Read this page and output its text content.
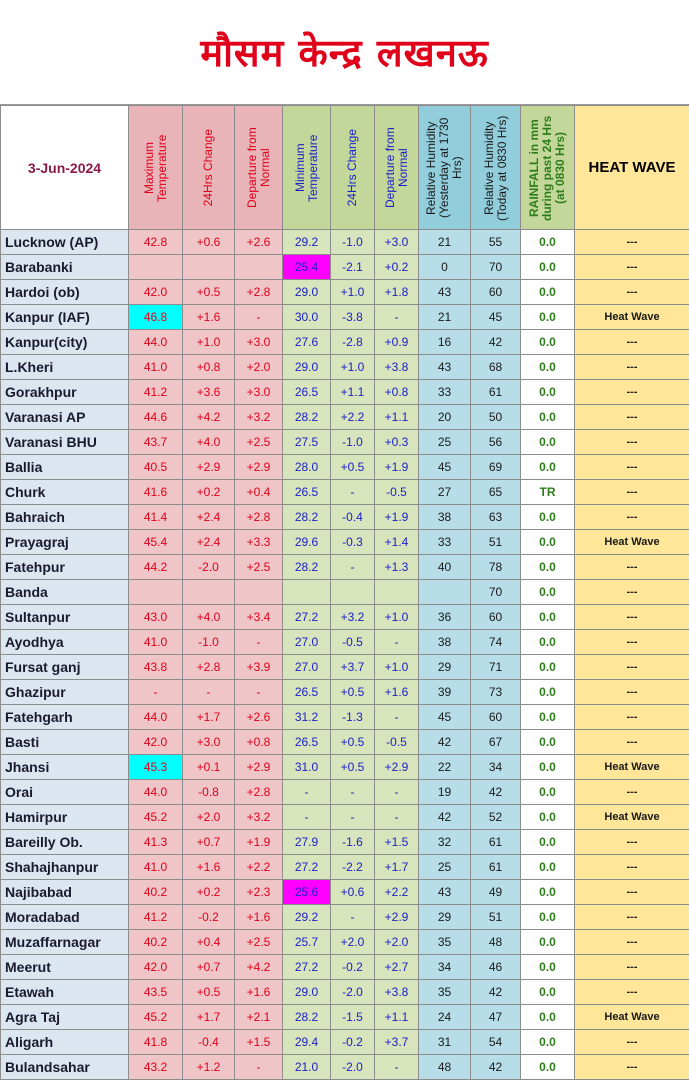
मौसम केन्द्र लखनऊ
3-Jun-2024	Maximum Temperature	24Hrs Change	Departure from Normal	Minimum Temperature	24Hrs Change	Departure from Normal	Relative Humidity (Yesterday at 1730 Hrs)	Relative Humidity (Today at 0830 Hrs)	RAINFALL in mm during past 24 Hrs (at 0830 Hrs)	HEAT WAVE
Lucknow (AP)	42.8	+0.6	+2.6	29.2	-1.0	+3.0	21	55	0.0	---
Barabanki				25.4	-2.1	+0.2	0	70	0.0	---
Hardoi (ob)	42.0	+0.5	+2.8	29.0	+1.0	+1.8	43	60	0.0	---
Kanpur (IAF)	46.8	+1.6	-	30.0	-3.8	-	21	45	0.0	Heat Wave
Kanpur(city)	44.0	+1.0	+3.0	27.6	-2.8	+0.9	16	42	0.0	---
L.Kheri	41.0	+0.8	+2.0	29.0	+1.0	+3.8	43	68	0.0	---
Gorakhpur	41.2	+3.6	+3.0	26.5	+1.1	+0.8	33	61	0.0	---
Varanasi AP	44.6	+4.2	+3.2	28.2	+2.2	+1.1	20	50	0.0	---
Varanasi BHU	43.7	+4.0	+2.5	27.5	-1.0	+0.3	25	56	0.0	---
Ballia	40.5	+2.9	+2.9	28.0	+0.5	+1.9	45	69	0.0	---
Churk	41.6	+0.2	+0.4	26.5	-	-0.5	27	65	TR	---
Bahraich	41.4	+2.4	+2.8	28.2	-0.4	+1.9	38	63	0.0	---
Prayagraj	45.4	+2.4	+3.3	29.6	-0.3	+1.4	33	51	0.0	Heat Wave
Fatehpur	44.2	-2.0	+2.5	28.2	-	+1.3	40	78	0.0	---
Banda								70	0.0	---
Sultanpur	43.0	+4.0	+3.4	27.2	+3.2	+1.0	36	60	0.0	---
Ayodhya	41.0	-1.0	-	27.0	-0.5	-	38	74	0.0	---
Fursat ganj	43.8	+2.8	+3.9	27.0	+3.7	+1.0	29	71	0.0	---
Ghazipur	-	-	-	26.5	+0.5	+1.6	39	73	0.0	---
Fatehgarh	44.0	+1.7	+2.6	31.2	-1.3	-	45	60	0.0	---
Basti	42.0	+3.0	+0.8	26.5	+0.5	-0.5	42	67	0.0	---
Jhansi	45.3	+0.1	+2.9	31.0	+0.5	+2.9	22	34	0.0	Heat Wave
Orai	44.0	-0.8	+2.8	-	-	-	19	42	0.0	---
Hamirpur	45.2	+2.0	+3.2	-	-	-	42	52	0.0	Heat Wave
Bareilly Ob.	41.3	+0.7	+1.9	27.9	-1.6	+1.5	32	61	0.0	---
Shahajhanpur	41.0	+1.6	+2.2	27.2	-2.2	+1.7	25	61	0.0	---
Najibabad	40.2	+0.2	+2.3	25.6	+0.6	+2.2	43	49	0.0	---
Moradabad	41.2	-0.2	+1.6	29.2	-	+2.9	29	51	0.0	---
Muzaffarnagar	40.2	+0.4	+2.5	25.7	+2.0	+2.0	35	48	0.0	---
Meerut	42.0	+0.7	+4.2	27.2	-0.2	+2.7	34	46	0.0	---
Etawah	43.5	+0.5	+1.6	29.0	-2.0	+3.8	35	42	0.0	---
Agra Taj	45.2	+1.7	+2.1	28.2	-1.5	+1.1	24	47	0.0	Heat Wave
Aligarh	41.8	-0.4	+1.5	29.4	-0.2	+3.7	31	54	0.0	---
Bulandsahar	43.2	+1.2	-	21.0	-2.0	-	48	42	0.0	---
